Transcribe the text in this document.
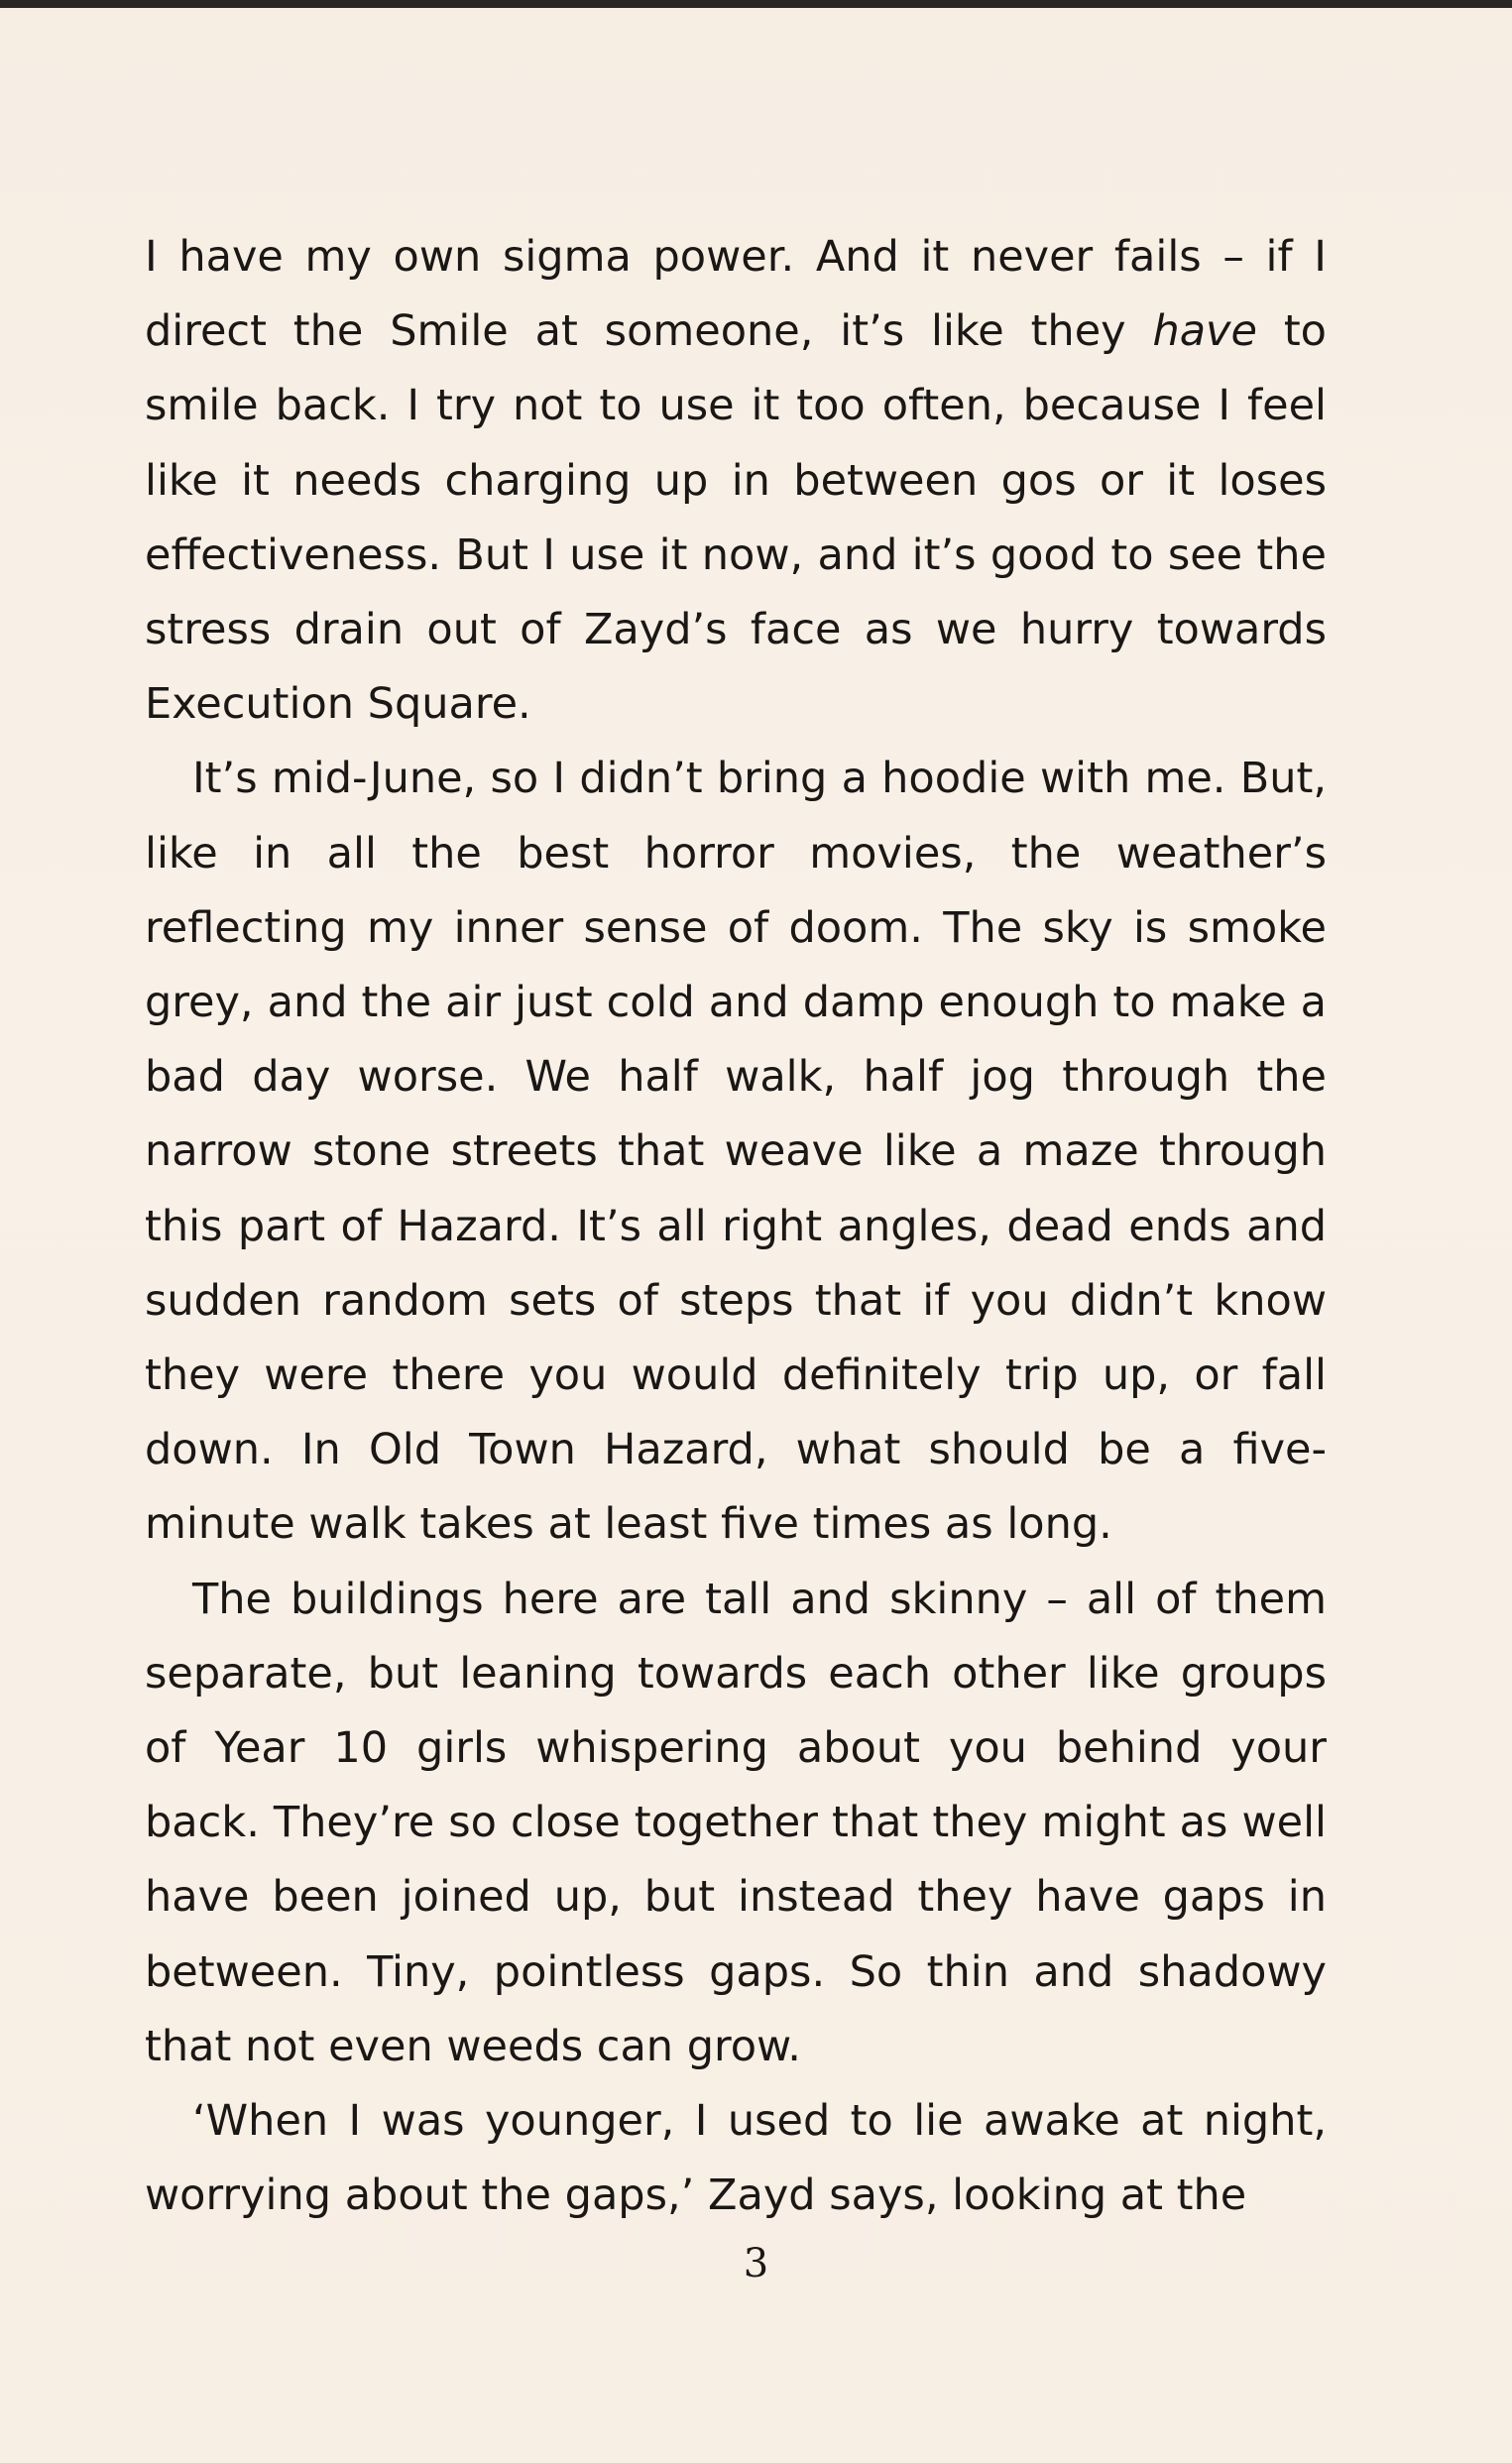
I have my own sigma power. And it never fails – if I direct the Smile at someone, it’s like they have to smile back. I try not to use it too often, because I feel like it needs charging up in between gos or it loses effectiveness. But I use it now, and it’s good to see the stress drain out of Zayd’s face as we hurry towards Execution Square.

It’s mid-June, so I didn’t bring a hoodie with me. But, like in all the best horror movies, the weather’s reflecting my inner sense of doom. The sky is smoke grey, and the air just cold and damp enough to make a bad day worse. We half walk, half jog through the narrow stone streets that weave like a maze through this part of Hazard. It’s all right angles, dead ends and sudden random sets of steps that if you didn’t know they were there you would definitely trip up, or fall down. In Old Town Hazard, what should be a five-minute walk takes at least five times as long.

The buildings here are tall and skinny – all of them separate, but leaning towards each other like groups of Year 10 girls whispering about you behind your back. They’re so close together that they might as well have been joined up, but instead they have gaps in between. Tiny, pointless gaps. So thin and shadowy that not even weeds can grow.

‘When I was younger, I used to lie awake at night, worrying about the gaps,’ Zayd says, looking at the

3
